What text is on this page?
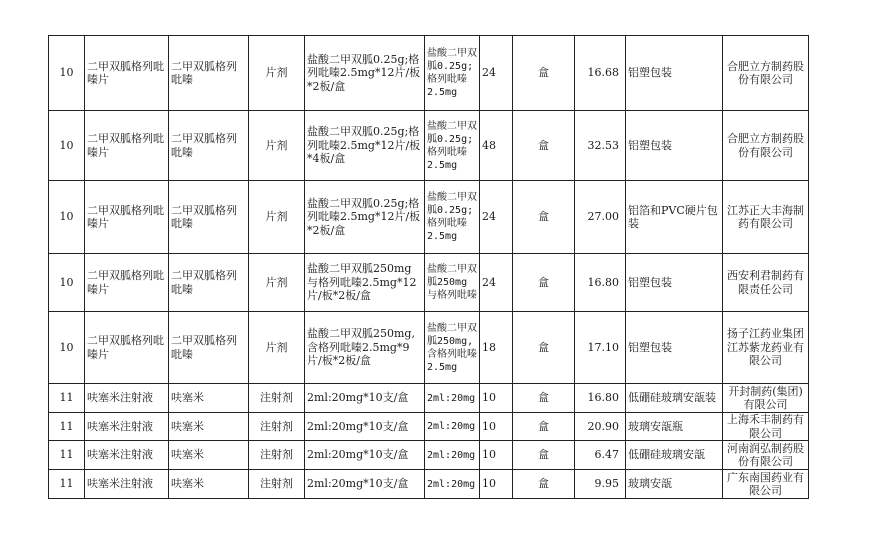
10	二甲双胍格列吡嗪片	二甲双胍格列吡嗪	片剂	盐酸二甲双胍0.25g;格列吡嗪2.5mg*12片/板*2板/盒	盐酸二甲双胍0.25g;格列吡嗪2.5mg	24	盒	16.68	铝塑包装	合肥立方制药股份有限公司
10	二甲双胍格列吡嗪片	二甲双胍格列吡嗪	片剂	盐酸二甲双胍0.25g;格列吡嗪2.5mg*12片/板*4板/盒	盐酸二甲双胍0.25g;格列吡嗪2.5mg	48	盒	32.53	铝塑包装	合肥立方制药股份有限公司
10	二甲双胍格列吡嗪片	二甲双胍格列吡嗪	片剂	盐酸二甲双胍0.25g;格列吡嗪2.5mg*12片/板*2板/盒	盐酸二甲双胍0.25g;格列吡嗪2.5mg	24	盒	27.00	铝箔和PVC硬片包装	江苏正大丰海制药有限公司
10	二甲双胍格列吡嗪片	二甲双胍格列吡嗪	片剂	盐酸二甲双胍250mg与格列吡嗪2.5mg*12片/板*2板/盒	盐酸二甲双胍250mg与格列吡嗪	24	盒	16.80	铝塑包装	西安利君制药有限责任公司
10	二甲双胍格列吡嗪片	二甲双胍格列吡嗪	片剂	盐酸二甲双胍250mg,含格列吡嗪2.5mg*9片/板*2板/盒	盐酸二甲双胍250mg,含格列吡嗪2.5mg	18	盒	17.10	铝塑包装	扬子江药业集团江苏紫龙药业有限公司
11	呋塞米注射液	呋塞米	注射剂	2ml:20mg*10支/盒	2ml:20mg	10	盒	16.80	低硼硅玻璃安瓿装	开封制药(集团)有限公司
11	呋塞米注射液	呋塞米	注射剂	2ml:20mg*10支/盒	2ml:20mg	10	盒	20.90	玻璃安瓿瓶	上海禾丰制药有限公司
11	呋塞米注射液	呋塞米	注射剂	2ml:20mg*10支/盒	2ml:20mg	10	盒	6.47	低硼硅玻璃安瓿	河南润弘制药股份有限公司
11	呋塞米注射液	呋塞米	注射剂	2ml:20mg*10支/盒	2ml:20mg	10	盒	9.95	玻璃安瓿	广东南国药业有限公司
